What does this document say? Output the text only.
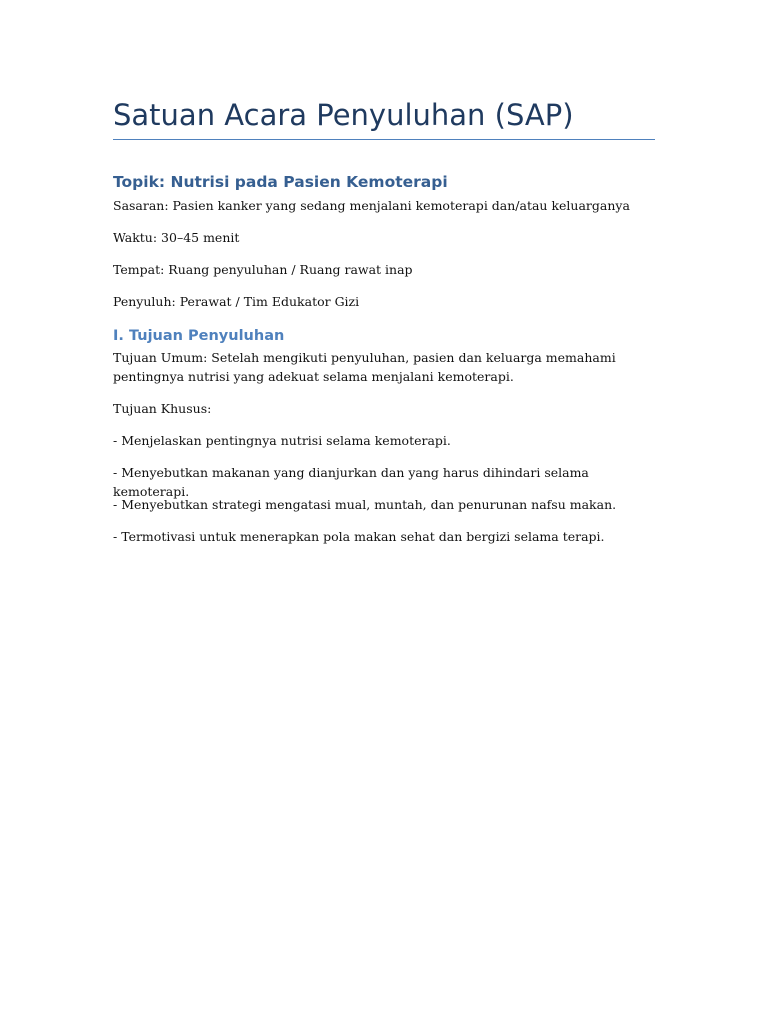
Satuan Acara Penyuluhan (SAP)
Topik: Nutrisi pada Pasien Kemoterapi

Sasaran: Pasien kanker yang sedang menjalani kemoterapi dan/atau keluarganya

Waktu: 30–45 menit

Tempat: Ruang penyuluhan / Ruang rawat inap

Penyuluh: Perawat / Tim Edukator Gizi

I. Tujuan Penyuluhan

Tujuan Umum: Setelah mengikuti penyuluhan, pasien dan keluarga memahami pentingnya nutrisi yang adekuat selama menjalani kemoterapi.

Tujuan Khusus:

- Menjelaskan pentingnya nutrisi selama kemoterapi.

- Menyebutkan makanan yang dianjurkan dan yang harus dihindari selama kemoterapi.

- Menyebutkan strategi mengatasi mual, muntah, dan penurunan nafsu makan.

- Termotivasi untuk menerapkan pola makan sehat dan bergizi selama terapi.
